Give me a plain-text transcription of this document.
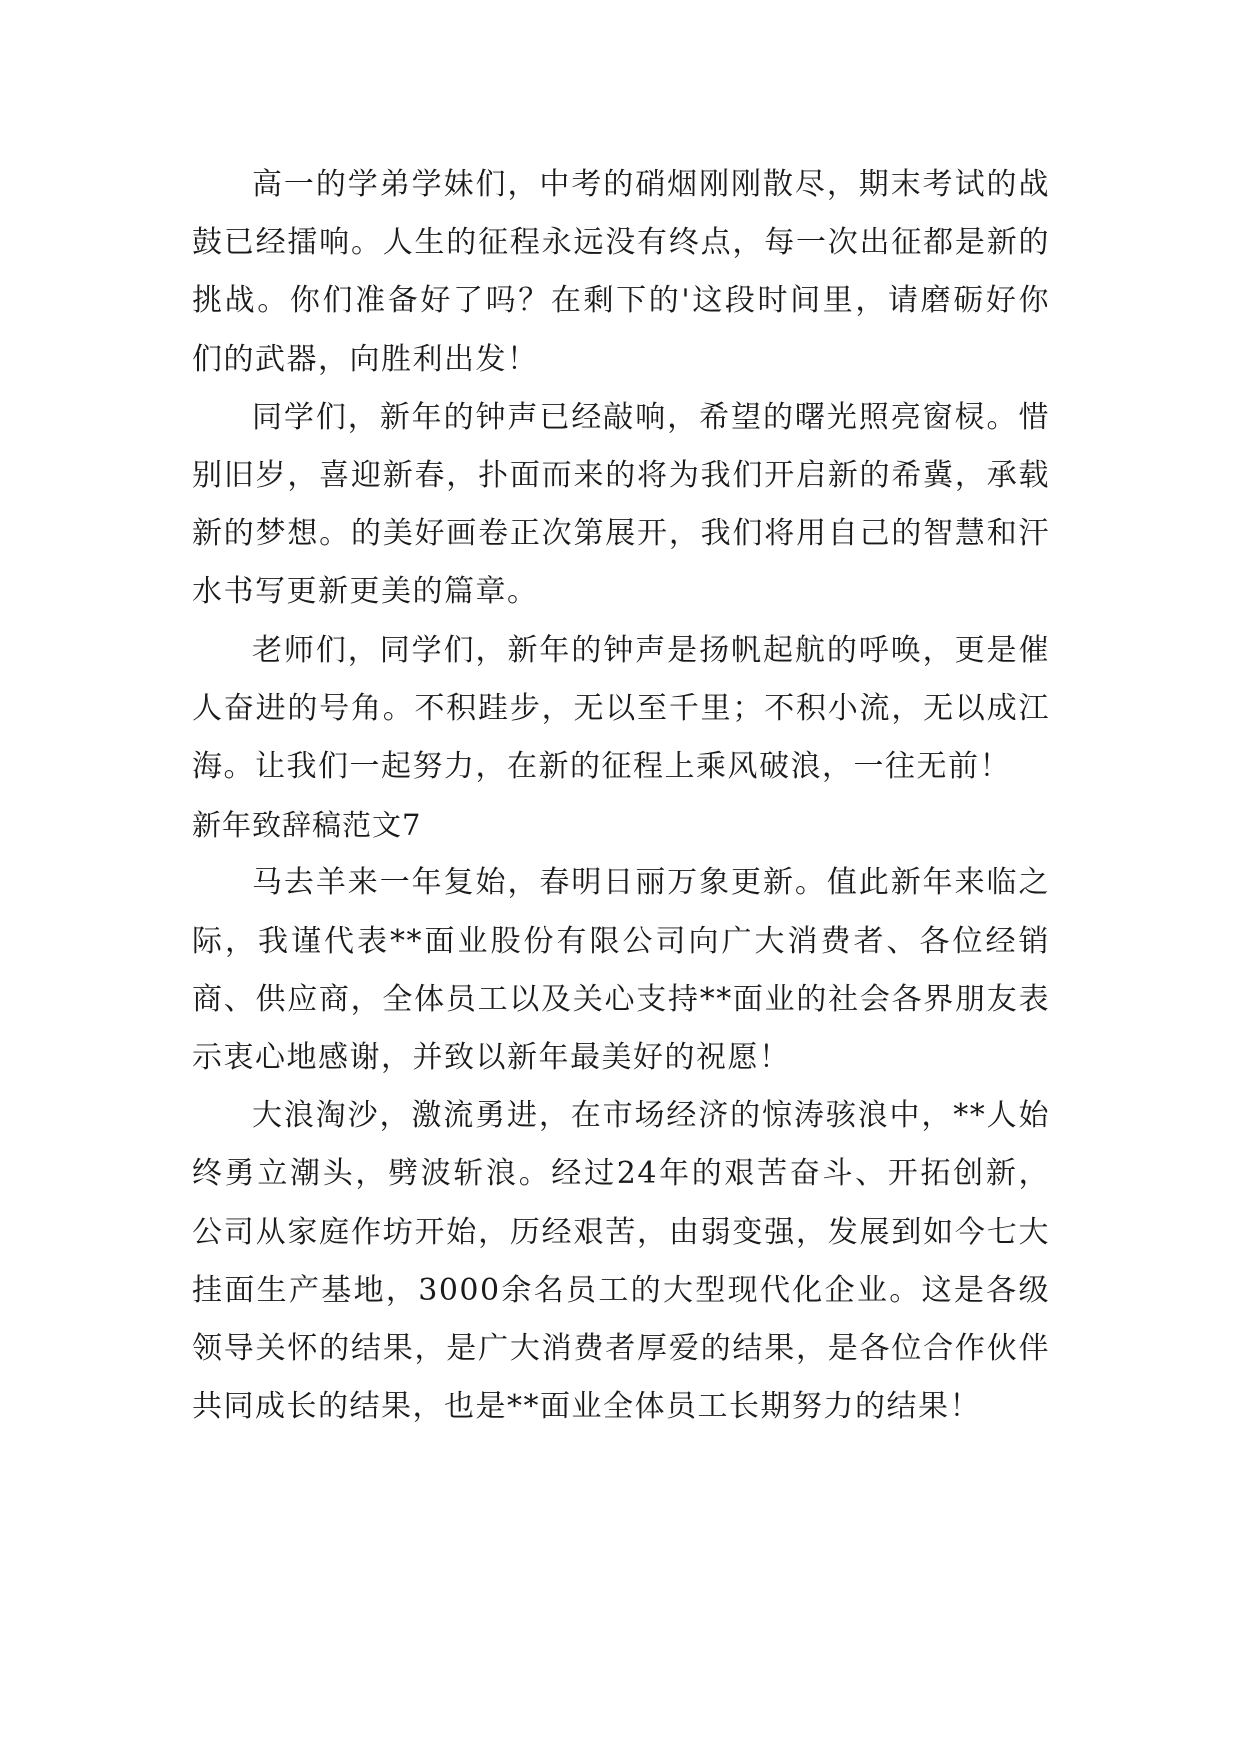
高一的学弟学妹们，中考的硝烟刚刚散尽，期末考试的战鼓已经擂响。人生的征程永远没有终点，每一次出征都是新的挑战。你们准备好了吗？在剩下的'这段时间里，请磨砺好你们的武器，向胜利出发！

同学们，新年的钟声已经敲响，希望的曙光照亮窗棂。惜别旧岁，喜迎新春，扑面而来的将为我们开启新的希冀，承载新的梦想。的美好画卷正次第展开，我们将用自己的智慧和汗水书写更新更美的篇章。

老师们，同学们，新年的钟声是扬帆起航的呼唤，更是催人奋进的号角。不积跬步，无以至千里；不积小流，无以成江海。让我们一起努力，在新的征程上乘风破浪，一往无前！

新年致辞稿范文7

马去羊来一年复始，春明日丽万象更新。值此新年来临之际，我谨代表**面业股份有限公司向广大消费者、各位经销商、供应商，全体员工以及关心支持**面业的社会各界朋友表示衷心地感谢，并致以新年最美好的祝愿！

大浪淘沙，激流勇进，在市场经济的惊涛骇浪中，**人始终勇立潮头，劈波斩浪。经过24年的艰苦奋斗、开拓创新，公司从家庭作坊开始，历经艰苦，由弱变强，发展到如今七大挂面生产基地，3000余名员工的大型现代化企业。这是各级领导关怀的结果，是广大消费者厚爱的结果，是各位合作伙伴共同成长的结果，也是**面业全体员工长期努力的结果！
